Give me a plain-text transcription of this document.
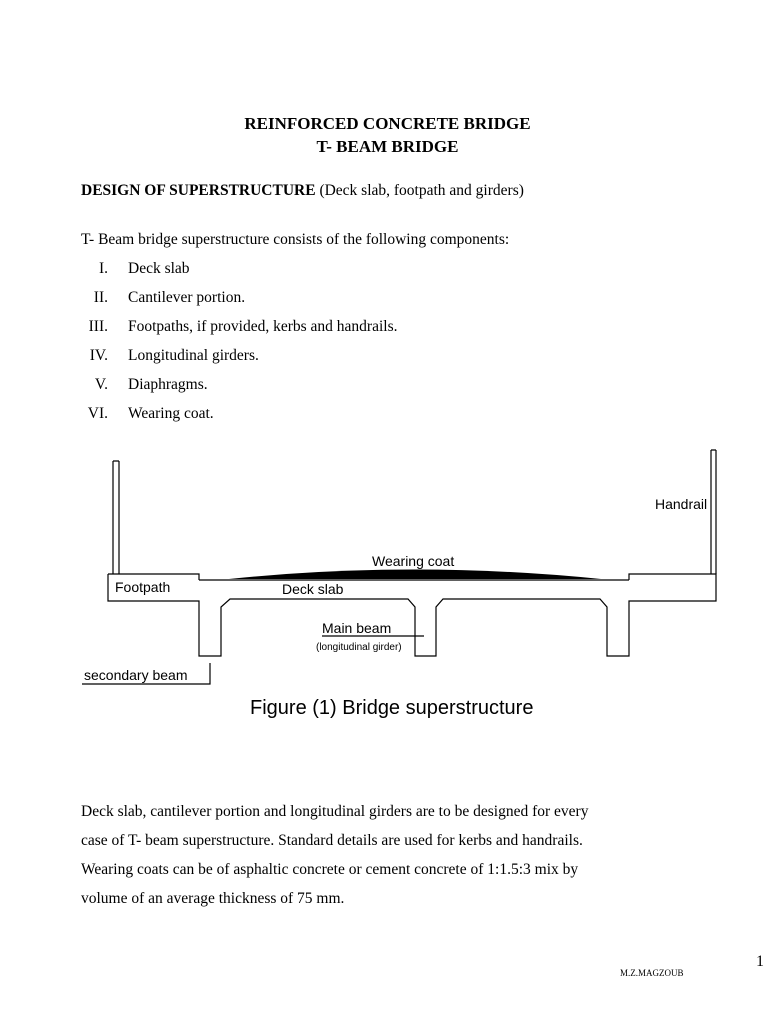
REINFORCED CONCRETE BRIDGE
T- BEAM BRIDGE
DESIGN OF SUPERSTRUCTURE (Deck slab, footpath and girders)
T- Beam bridge superstructure consists of the following components:
I. Deck slab
II. Cantilever portion.
III. Footpaths, if provided, kerbs and handrails.
IV. Longitudinal girders.
V. Diaphragms.
VI. Wearing coat.
Handrail
Wearing coat
Footpath	Deck slab
Main beam
(longitudinal girder)
secondary beam
Figure (1) Bridge superstructure
Deck slab, cantilever portion and longitudinal girders are to be designed for every
case of T- beam superstructure. Standard details are used for kerbs and handrails.
Wearing coats can be of asphaltic concrete or cement concrete of 1:1.5:3 mix by
volume of an average thickness of 75 mm.
M.Z.MAGZOUB
1
